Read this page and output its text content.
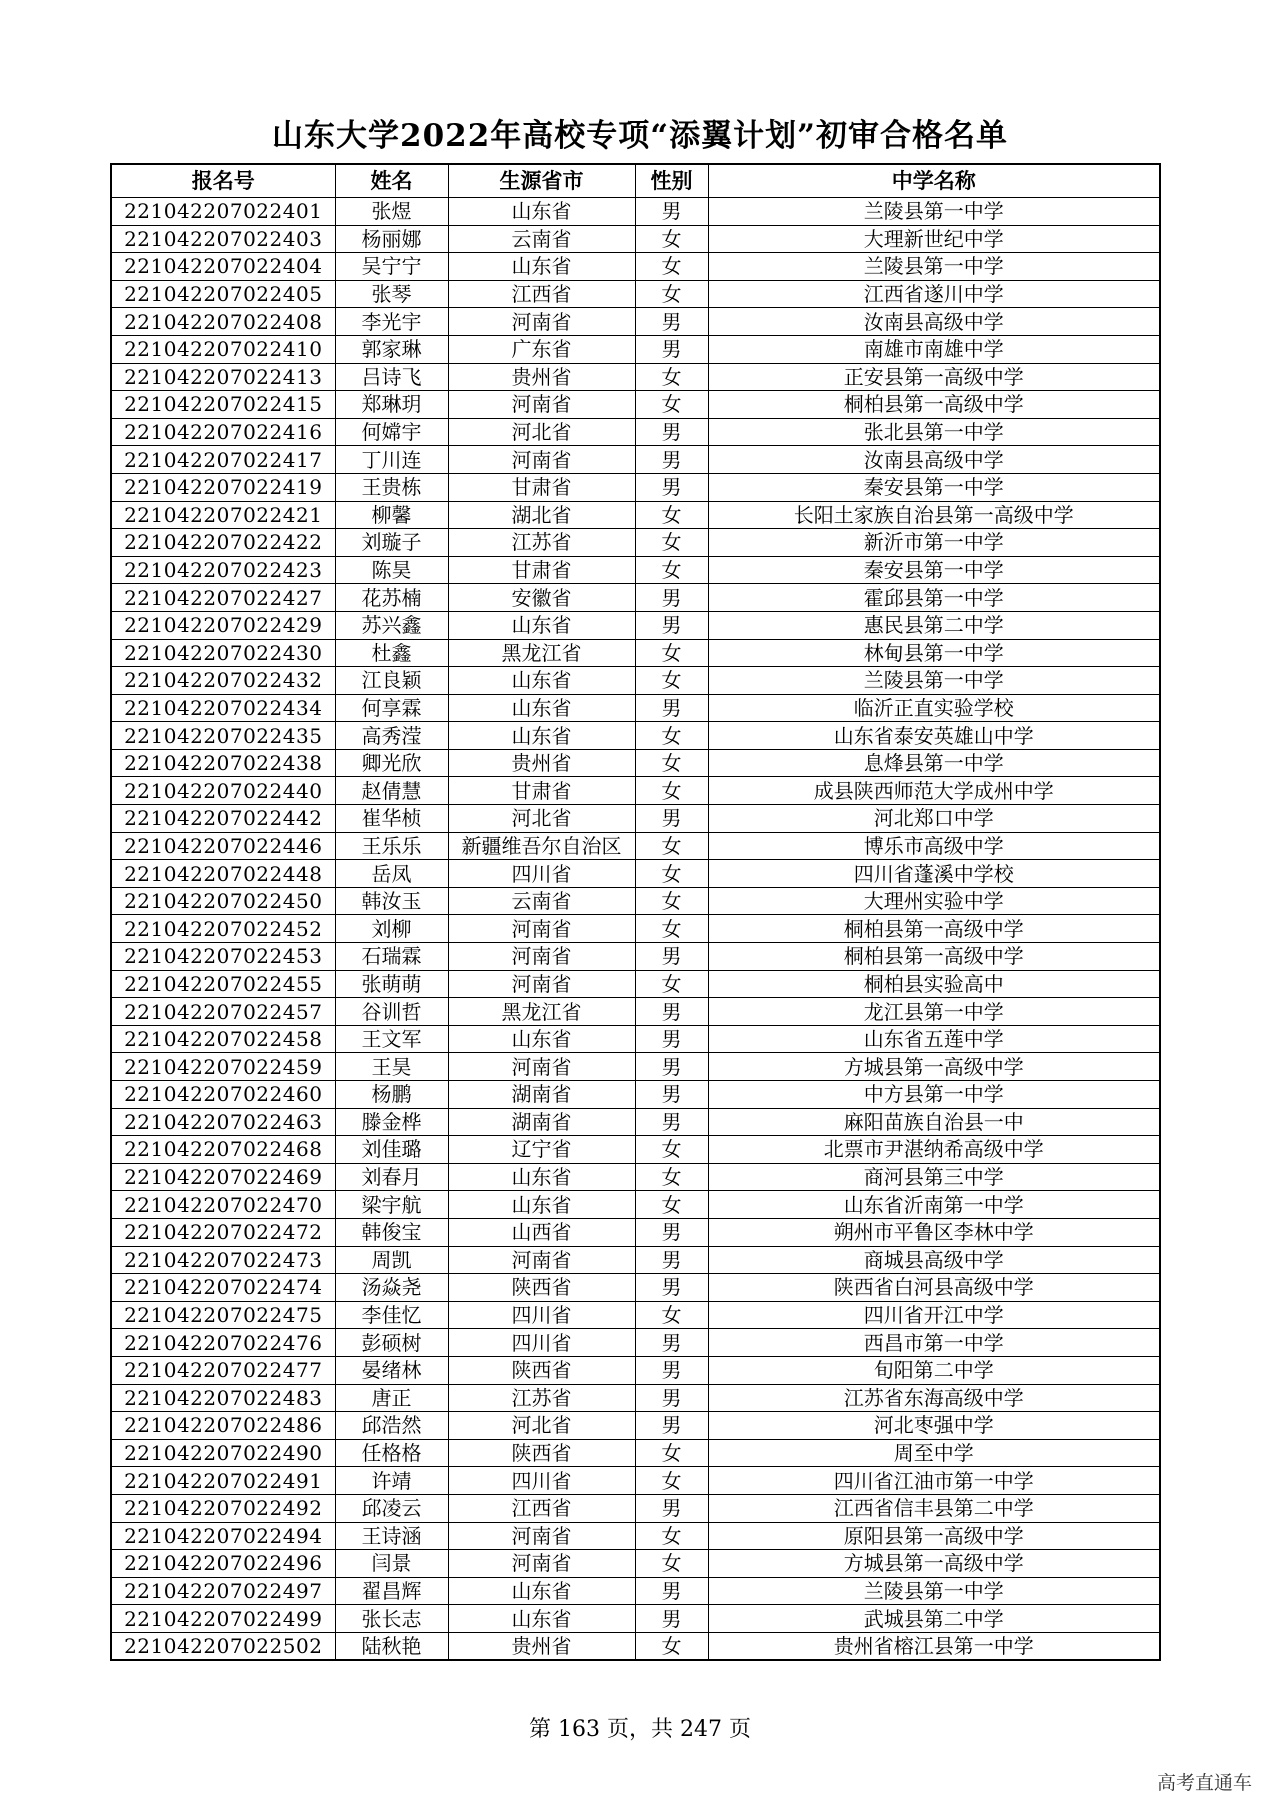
山东大学2022年高校专项“添翼计划”初审合格名单
报名号	姓名	生源省市	性别	中学名称
221042207022401	张煜	山东省	男	兰陵县第一中学
221042207022403	杨丽娜	云南省	女	大理新世纪中学
221042207022404	吴宁宁	山东省	女	兰陵县第一中学
221042207022405	张琴	江西省	女	江西省遂川中学
221042207022408	李光宇	河南省	男	汝南县高级中学
221042207022410	郭家琳	广东省	男	南雄市南雄中学
221042207022413	吕诗飞	贵州省	女	正安县第一高级中学
221042207022415	郑琳玥	河南省	女	桐柏县第一高级中学
221042207022416	何嫦宇	河北省	男	张北县第一中学
221042207022417	丁川连	河南省	男	汝南县高级中学
221042207022419	王贵栋	甘肃省	男	秦安县第一中学
221042207022421	柳馨	湖北省	女	长阳土家族自治县第一高级中学
221042207022422	刘璇子	江苏省	女	新沂市第一中学
221042207022423	陈昊	甘肃省	女	秦安县第一中学
221042207022427	花苏楠	安徽省	男	霍邱县第一中学
221042207022429	苏兴鑫	山东省	男	惠民县第二中学
221042207022430	杜鑫	黑龙江省	女	林甸县第一中学
221042207022432	江良颖	山东省	女	兰陵县第一中学
221042207022434	何享霖	山东省	男	临沂正直实验学校
221042207022435	高秀滢	山东省	女	山东省泰安英雄山中学
221042207022438	卿光欣	贵州省	女	息烽县第一中学
221042207022440	赵倩慧	甘肃省	女	成县陕西师范大学成州中学
221042207022442	崔华桢	河北省	男	河北郑口中学
221042207022446	王乐乐	新疆维吾尔自治区	女	博乐市高级中学
221042207022448	岳凤	四川省	女	四川省蓬溪中学校
221042207022450	韩汝玉	云南省	女	大理州实验中学
221042207022452	刘柳	河南省	女	桐柏县第一高级中学
221042207022453	石瑞霖	河南省	男	桐柏县第一高级中学
221042207022455	张萌萌	河南省	女	桐柏县实验高中
221042207022457	谷训哲	黑龙江省	男	龙江县第一中学
221042207022458	王文军	山东省	男	山东省五莲中学
221042207022459	王昊	河南省	男	方城县第一高级中学
221042207022460	杨鹏	湖南省	男	中方县第一中学
221042207022463	滕金桦	湖南省	男	麻阳苗族自治县一中
221042207022468	刘佳璐	辽宁省	女	北票市尹湛纳希高级中学
221042207022469	刘春月	山东省	女	商河县第三中学
221042207022470	梁宇航	山东省	女	山东省沂南第一中学
221042207022472	韩俊宝	山西省	男	朔州市平鲁区李林中学
221042207022473	周凯	河南省	男	商城县高级中学
221042207022474	汤焱尧	陕西省	男	陕西省白河县高级中学
221042207022475	李佳忆	四川省	女	四川省开江中学
221042207022476	彭硕树	四川省	男	西昌市第一中学
221042207022477	晏绪林	陕西省	男	旬阳第二中学
221042207022483	唐正	江苏省	男	江苏省东海高级中学
221042207022486	邱浩然	河北省	男	河北枣强中学
221042207022490	任格格	陕西省	女	周至中学
221042207022491	许靖	四川省	女	四川省江油市第一中学
221042207022492	邱凌云	江西省	男	江西省信丰县第二中学
221042207022494	王诗涵	河南省	女	原阳县第一高级中学
221042207022496	闫景	河南省	女	方城县第一高级中学
221042207022497	翟昌辉	山东省	男	兰陵县第一中学
221042207022499	张长志	山东省	男	武城县第二中学
221042207022502	陆秋艳	贵州省	女	贵州省榕江县第一中学
第 163 页，共 247 页
高考直通车
